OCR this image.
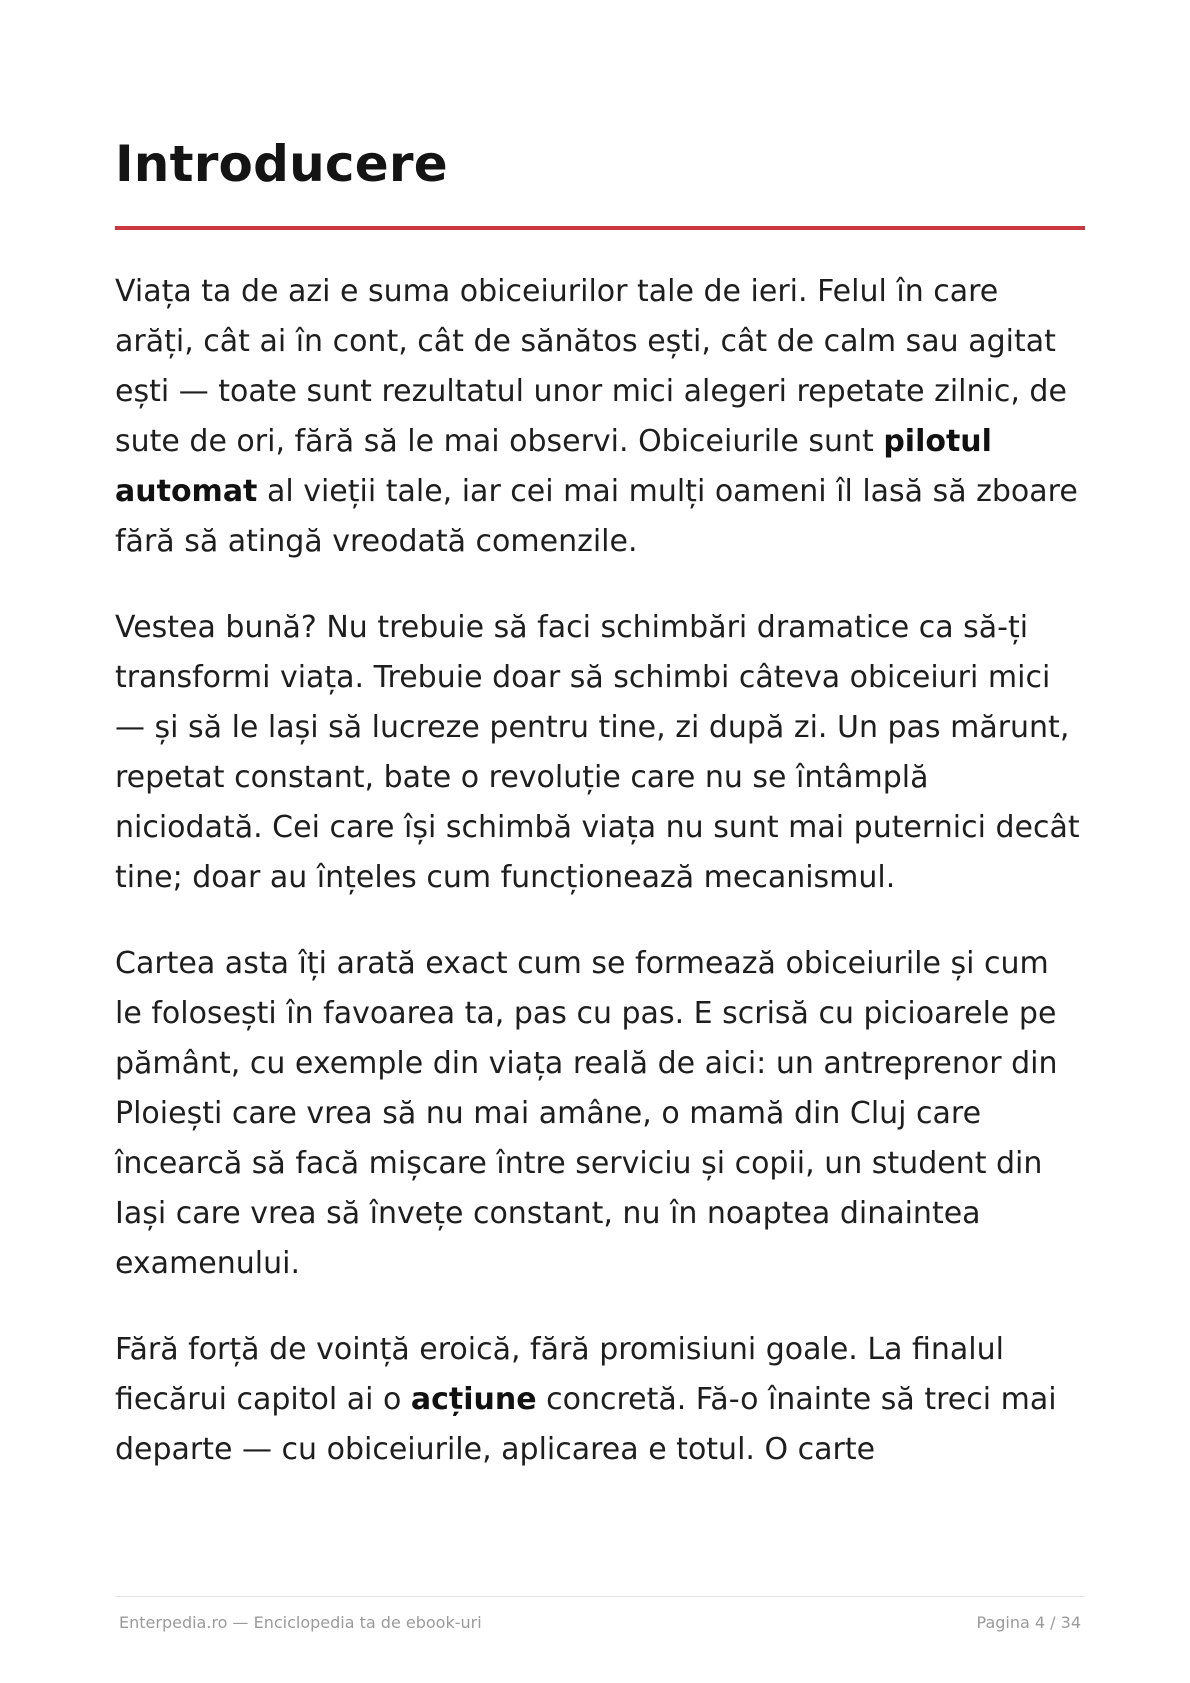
Introducere

Viața ta de azi e suma obiceiurilor tale de ieri. Felul în care arăți, cât ai în cont, cât de sănătos ești, cât de calm sau agitat ești — toate sunt rezultatul unor mici alegeri repetate zilnic, de sute de ori, fără să le mai observi. Obiceiurile sunt pilotul automat al vieții tale, iar cei mai mulți oameni îl lasă să zboare fără să atingă vreodată comenzile.

Vestea bună? Nu trebuie să faci schimbări dramatice ca să-ți transformi viața. Trebuie doar să schimbi câteva obiceiuri mici — și să le lași să lucreze pentru tine, zi după zi. Un pas mărunt, repetat constant, bate o revoluție care nu se întâmplă niciodată. Cei care își schimbă viața nu sunt mai puternici decât tine; doar au înțeles cum funcționează mecanismul.

Cartea asta îți arată exact cum se formează obiceiurile și cum le folosești în favoarea ta, pas cu pas. E scrisă cu picioarele pe pământ, cu exemple din viața reală de aici: un antreprenor din Ploiești care vrea să nu mai amâne, o mamă din Cluj care încearcă să facă mișcare între serviciu și copii, un student din Iași care vrea să învețe constant, nu în noaptea dinaintea examenului.

Fără forță de voință eroică, fără promisiuni goale. La finalul fiecărui capitol ai o acțiune concretă. Fă-o înainte să treci mai departe — cu obiceiurile, aplicarea e totul. O carte

Enterpedia.ro — Enciclopedia ta de ebook-uri	Pagina 4 / 34
